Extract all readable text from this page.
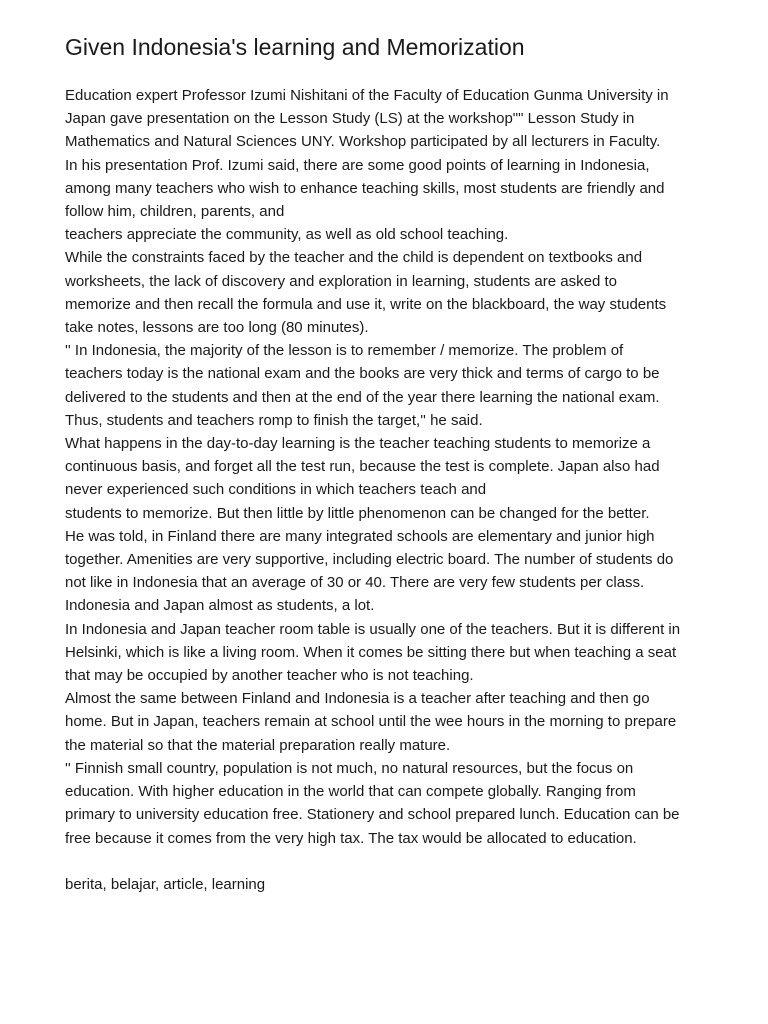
Given Indonesia's learning and Memorization
Education expert Professor Izumi Nishitani of the Faculty of Education Gunma University in
Japan gave presentation on the Lesson Study (LS) at the workshop"" Lesson Study in
Mathematics and Natural Sciences UNY. Workshop participated by all lecturers in Faculty.
In his presentation Prof. Izumi said, there are some good points of learning in Indonesia,
among many teachers who wish to enhance teaching skills, most students are friendly and
follow him, children, parents, and
teachers appreciate the community, as well as old school teaching.
While the constraints faced by the teacher and the child is dependent on textbooks and
worksheets, the lack of discovery and exploration in learning, students are asked to
memorize and then recall the formula and use it, write on the blackboard, the way students
take notes, lessons are too long (80 minutes).
'' In Indonesia, the majority of the lesson is to remember / memorize. The problem of
teachers today is the national exam and the books are very thick and terms of cargo to be
delivered to the students and then at the end of the year there learning the national exam.
Thus, students and teachers romp to finish the target,'' he said.
What happens in the day-to-day learning is the teacher teaching students to memorize a
continuous basis, and forget all the test run, because the test is complete. Japan also had
never experienced such conditions in which teachers teach and
students to memorize. But then little by little phenomenon can be changed for the better.
He was told, in Finland there are many integrated schools are elementary and junior high
together. Amenities are very supportive, including electric board. The number of students do
not like in Indonesia that an average of 30 or 40. There are very few students per class.
Indonesia and Japan almost as students, a lot.
In Indonesia and Japan teacher room table is usually one of the teachers. But it is different in
Helsinki, which is like a living room. When it comes be sitting there but when teaching a seat
that may be occupied by another teacher who is not teaching.
Almost the same between Finland and Indonesia is a teacher after teaching and then go
home. But in Japan, teachers remain at school until the wee hours in the morning to prepare
the material so that the material preparation really mature.
'' Finnish small country, population is not much, no natural resources, but the focus on
education. With higher education in the world that can compete globally. Ranging from
primary to university education free. Stationery and school prepared lunch. Education can be
free because it comes from the very high tax. The tax would be allocated to education.
berita, belajar, article, learning
